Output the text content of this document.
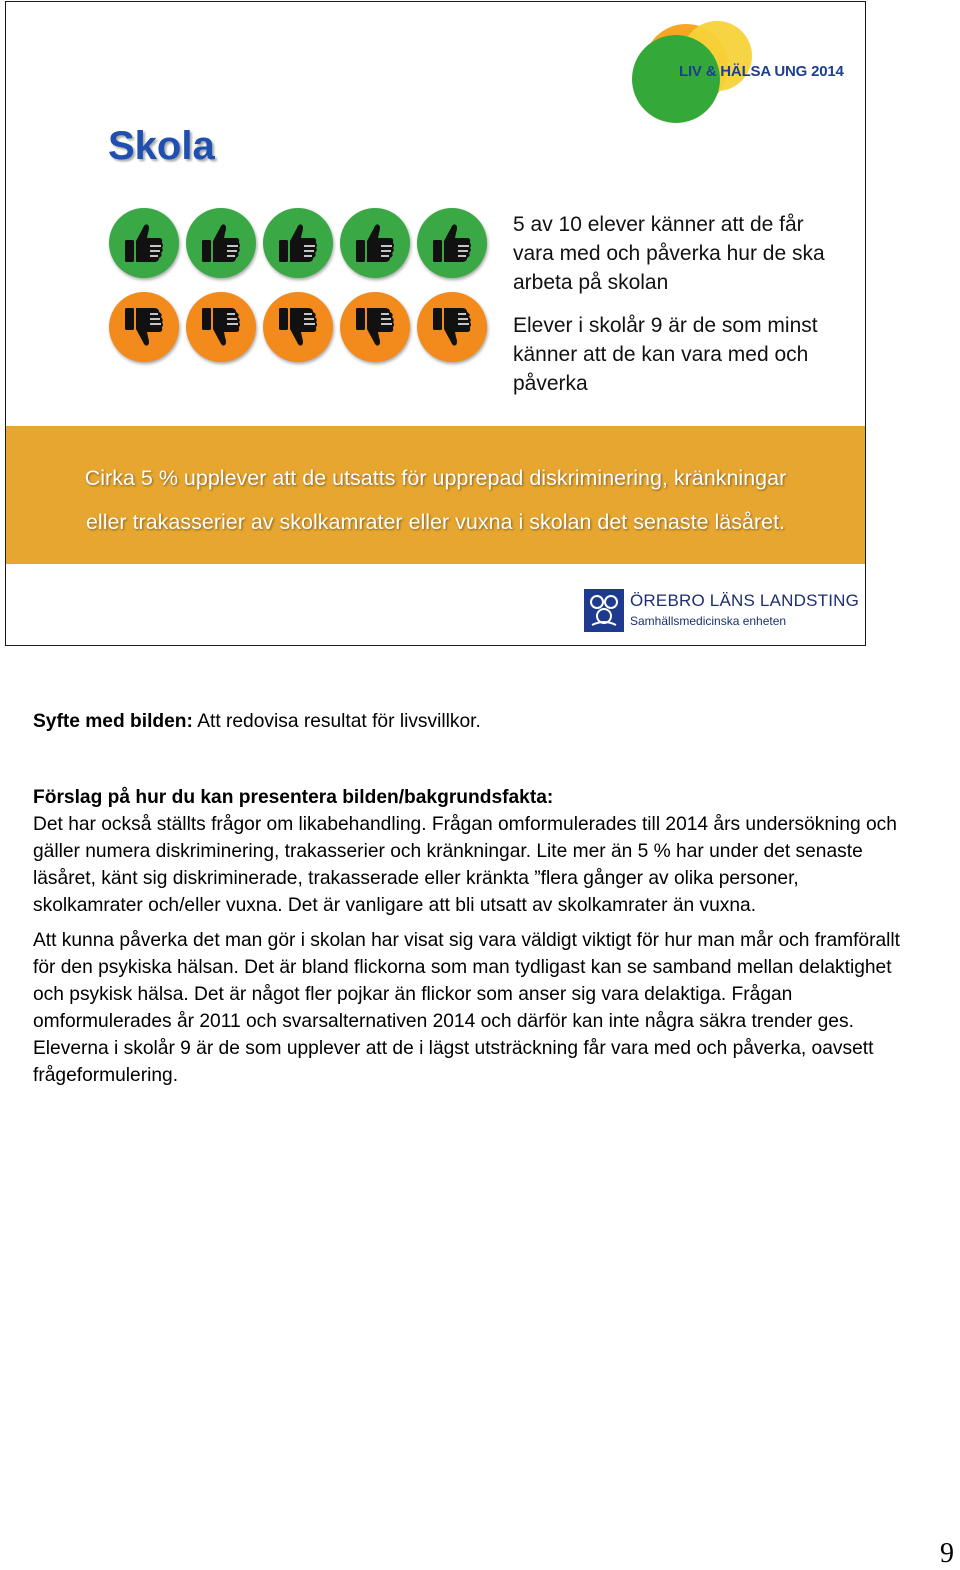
LIV & HÄLSA UNG 2014
Skola

5 av 10 elever känner att de får vara med och påverka hur de ska arbeta på skolan

Elever i skolår 9 är de som minst känner att de kan vara med och påverka

Cirka 5 % upplever att de utsatts för upprepad diskriminering, kränkningar

eller trakasserier av skolkamrater eller vuxna i skolan det senaste läsåret.

ÖREBRO LÄNS LANDSTING
Samhällsmedicinska enheten

Syfte med bilden: Att redovisa resultat för livsvillkor.

Förslag på hur du kan presentera bilden/bakgrundsfakta:

Det har också ställts frågor om likabehandling. Frågan omformulerades till 2014 års undersökning och gäller numera diskriminering, trakasserier och kränkningar. Lite mer än 5 % har under det senaste läsåret, känt sig diskriminerade, trakasserade eller kränkta ”flera gånger av olika personer, skolkamrater och/eller vuxna. Det är vanligare att bli utsatt av skolkamrater än vuxna.

Att kunna påverka det man gör i skolan har visat sig vara väldigt viktigt för hur man mår och framförallt för den psykiska hälsan. Det är bland flickorna som man tydligast kan se samband mellan delaktighet och psykisk hälsa. Det är något fler pojkar än flickor som anser sig vara delaktiga. Frågan omformulerades år 2011 och svarsalternativen 2014 och därför kan inte några säkra trender ges. Eleverna i skolår 9 är de som upplever att de i lägst utsträckning får vara med och påverka, oavsett frågeformulering.

9
